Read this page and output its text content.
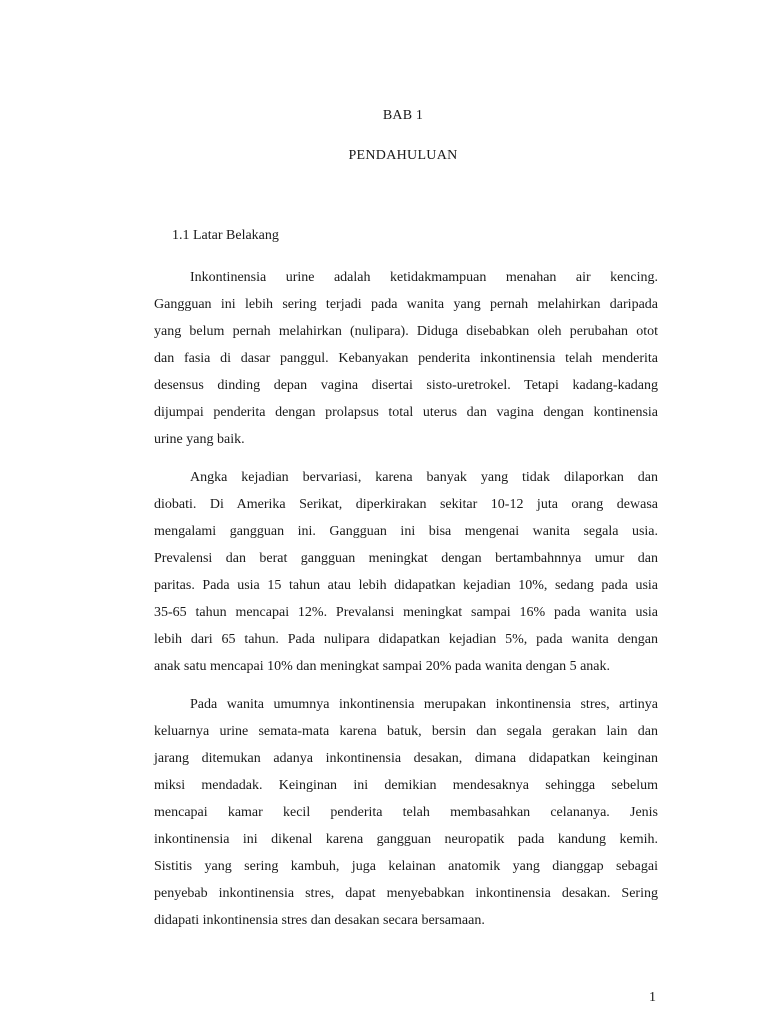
BAB 1
PENDAHULUAN
1.1 Latar Belakang
Inkontinensia urine adalah ketidakmampuan menahan air kencing.
Gangguan ini lebih sering terjadi pada wanita yang pernah melahirkan daripada
yang belum pernah melahirkan (nulipara). Diduga disebabkan oleh perubahan otot
dan fasia di dasar panggul. Kebanyakan penderita inkontinensia telah menderita
desensus dinding depan vagina disertai sisto-uretrokel. Tetapi kadang-kadang
dijumpai penderita dengan prolapsus total uterus dan vagina dengan kontinensia
urine yang baik.
Angka kejadian bervariasi, karena banyak yang tidak dilaporkan dan
diobati. Di Amerika Serikat, diperkirakan sekitar 10-12 juta orang dewasa
mengalami gangguan ini. Gangguan ini bisa mengenai wanita segala usia.
Prevalensi dan berat gangguan meningkat dengan bertambahnnya umur dan
paritas. Pada usia 15 tahun atau lebih didapatkan kejadian 10%, sedang pada usia
35-65 tahun mencapai 12%. Prevalansi meningkat sampai 16% pada wanita usia
lebih dari 65 tahun. Pada nulipara didapatkan kejadian 5%, pada wanita dengan
anak satu mencapai 10% dan meningkat sampai 20% pada wanita dengan 5 anak.
Pada wanita umumnya inkontinensia merupakan inkontinensia stres, artinya
keluarnya urine semata-mata karena batuk, bersin dan segala gerakan lain dan
jarang ditemukan adanya inkontinensia desakan, dimana didapatkan keinginan
miksi mendadak. Keinginan ini demikian mendesaknya sehingga sebelum
mencapai kamar kecil penderita telah membasahkan celananya. Jenis
inkontinensia ini dikenal karena gangguan neuropatik pada kandung kemih.
Sistitis yang sering kambuh, juga kelainan anatomik yang dianggap sebagai
penyebab inkontinensia stres, dapat menyebabkan inkontinensia desakan. Sering
didapati inkontinensia stres dan desakan secara bersamaan.
1
